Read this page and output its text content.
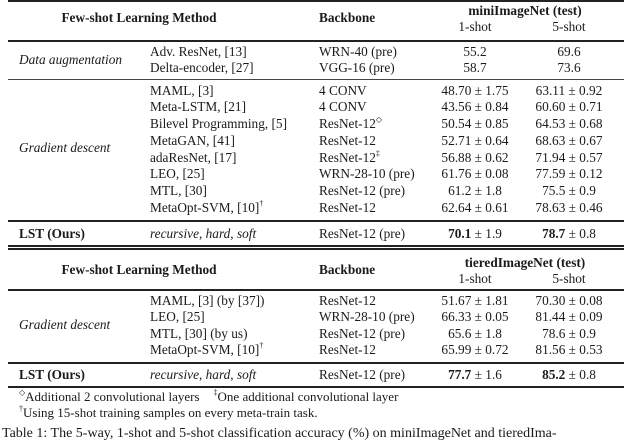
Few-shot Learning Method	Backbone	miniImageNet (test)
1-shot	5-shot
Data augmentation
Adv. ResNet, [13]	WRN-40 (pre)	55.2	69.6
Delta-encoder, [27]	VGG-16 (pre)	58.7	73.6
Gradient descent
MAML, [3]	4 CONV	48.70 ± 1.75	63.11 ± 0.92
Meta-LSTM, [21]	4 CONV	43.56 ± 0.84	60.60 ± 0.71
Bilevel Programming, [5] ResNet-12◇	50.54 ± 0.85	64.53 ± 0.68
MetaGAN, [41]	ResNet-12	52.71 ± 0.64	68.63 ± 0.67
adaResNet, [17]	ResNet-12‡	56.88 ± 0.62	71.94 ± 0.57
LEO, [25]	WRN-28-10 (pre)	61.76 ± 0.08	77.59 ± 0.12
MTL, [30]	ResNet-12 (pre)	61.2 ± 1.8	75.5 ± 0.9
MetaOpt-SVM, [10]†	ResNet-12	62.64 ± 0.61	78.63 ± 0.46
LST (Ours)	recursive, hard, soft	ResNet-12 (pre)	70.1 ± 1.9	78.7 ± 0.8
Few-shot Learning Method	Backbone	tieredImageNet (test)
1-shot	5-shot
Gradient descent
MAML, [3] (by [37])	ResNet-12	51.67 ± 1.81	70.30 ± 0.08
LEO, [25]	WRN-28-10 (pre)	66.33 ± 0.05	81.44 ± 0.09
MTL, [30] (by us)	ResNet-12 (pre)	65.6 ± 1.8	78.6 ± 0.9
MetaOpt-SVM, [10]†	ResNet-12	65.99 ± 0.72	81.56 ± 0.53
LST (Ours)	recursive, hard, soft	ResNet-12 (pre)	77.7 ± 1.6	85.2 ± 0.8
◇Additional 2 convolutional layers ‡One additional convolutional layer
†Using 15-shot training samples on every meta-train task.
Table 1: The 5-way, 1-shot and 5-shot classification accuracy (%) on miniImageNet and tieredIma-
